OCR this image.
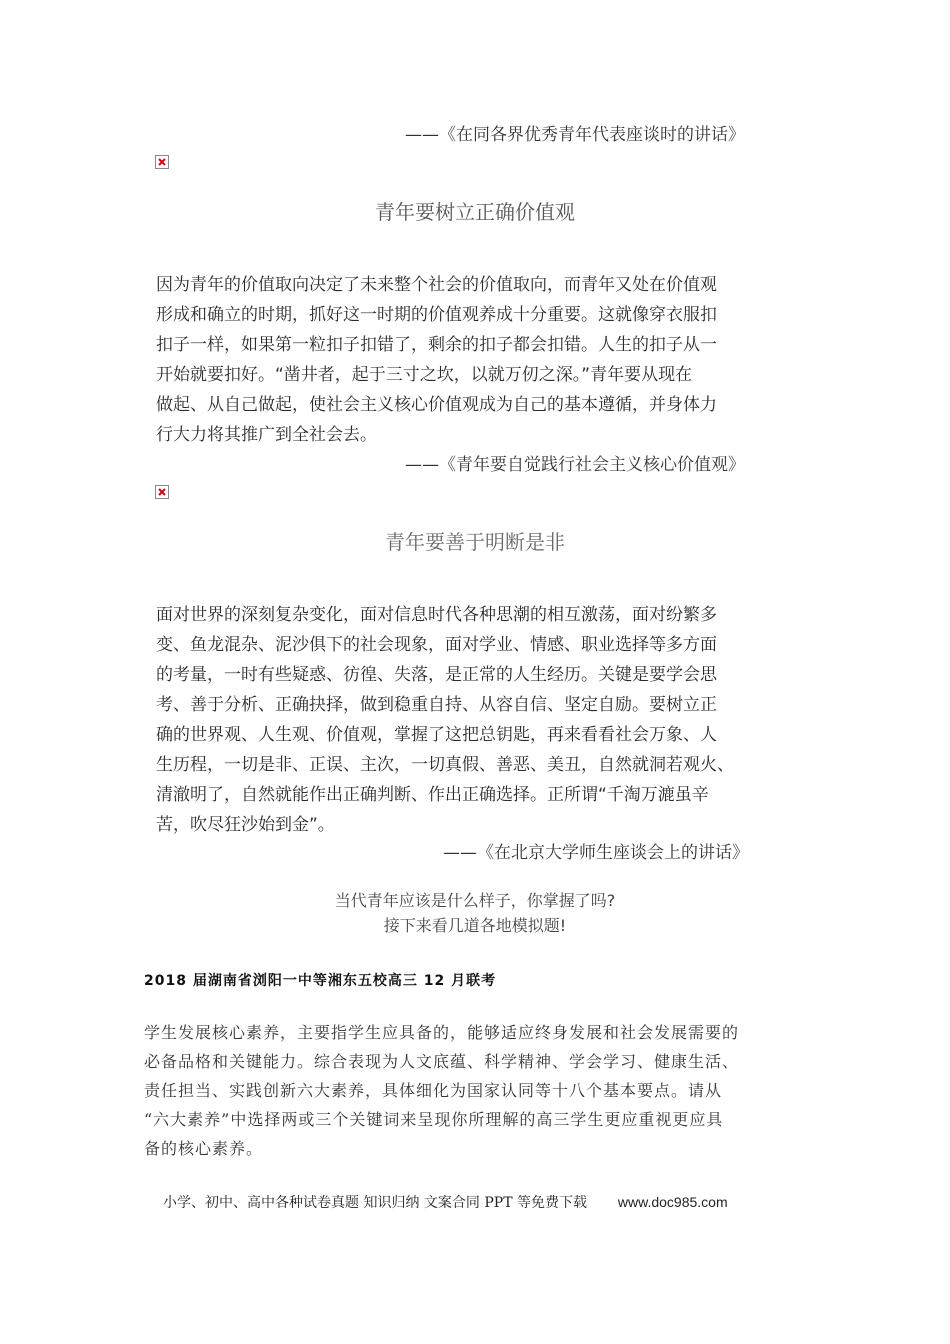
——《在同各界优秀青年代表座谈时的讲话》
青年要树立正确价值观
因为青年的价值取向决定了未来整个社会的价值取向，而青年又处在价值观
形成和确立的时期，抓好这一时期的价值观养成十分重要。这就像穿衣服扣
扣子一样，如果第一粒扣子扣错了，剩余的扣子都会扣错。人生的扣子从一
开始就要扣好。“凿井者，起于三寸之坎，以就万仞之深。”青年要从现在
做起、从自己做起，使社会主义核心价值观成为自己的基本遵循，并身体力
行大力将其推广到全社会去。
——《青年要自觉践行社会主义核心价值观》
青年要善于明断是非
面对世界的深刻复杂变化，面对信息时代各种思潮的相互激荡，面对纷繁多
变、鱼龙混杂、泥沙俱下的社会现象，面对学业、情感、职业选择等多方面
的考量，一时有些疑惑、彷徨、失落，是正常的人生经历。关键是要学会思
考、善于分析、正确抉择，做到稳重自持、从容自信、坚定自励。要树立正
确的世界观、人生观、价值观，掌握了这把总钥匙，再来看看社会万象、人
生历程，一切是非、正误、主次，一切真假、善恶、美丑，自然就洞若观火、
清澈明了，自然就能作出正确判断、作出正确选择。正所谓“千淘万漉虽辛
苦，吹尽狂沙始到金”。
——《在北京大学师生座谈会上的讲话》
当代青年应该是什么样子，你掌握了吗?
接下来看几道各地模拟题!
2018 届湖南省浏阳一中等湘东五校高三 12 月联考
学生发展核心素养，主要指学生应具备的，能够适应终身发展和社会发展需要的
必备品格和关键能力。综合表现为人文底蕴、科学精神、学会学习、健康生活、
责任担当、实践创新六大素养，具体细化为国家认同等十八个基本要点。请从
“六大素养”中选择两或三个关键词来呈现你所理解的高三学生更应重视更应具
备的核心素养。
小学、初中、高中各种试卷真题 知识归纳 文案合同 PPT 等免费下载 www.doc985.com
